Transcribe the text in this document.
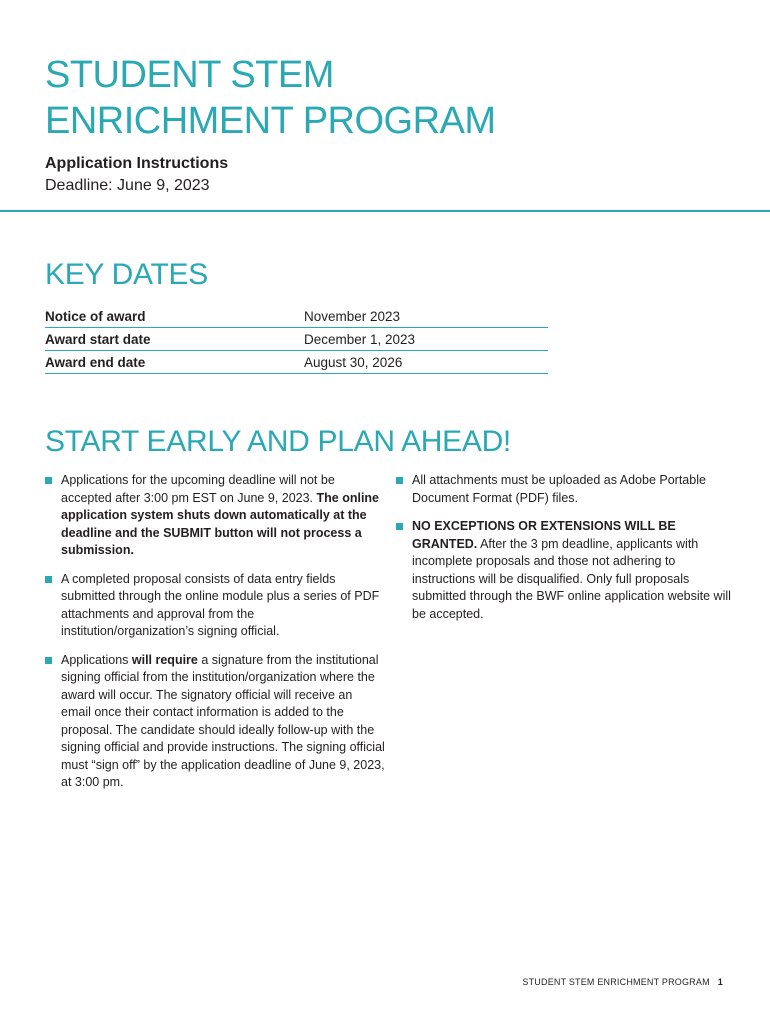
STUDENT STEM
ENRICHMENT PROGRAM
Application Instructions
Deadline: June 9, 2023
KEY DATES
Notice of award	November 2023
Award start date	December 1, 2023
Award end date	August 30, 2026
START EARLY AND PLAN AHEAD!
Applications for the upcoming deadline will not be accepted after 3:00 pm EST on June 9, 2023. The online application system shuts down automatically at the deadline and the SUBMIT button will not process a submission.
A completed proposal consists of data entry fields submitted through the online module plus a series of PDF attachments and approval from the institution/organization’s signing official.
Applications will require a signature from the institutional signing official from the institution/organization where the award will occur. The signatory official will receive an email once their contact information is added to the proposal. The candidate should ideally follow-up with the signing official and provide instructions. The signing official must “sign off” by the application deadline of June 9, 2023, at 3:00 pm.
All attachments must be uploaded as Adobe Portable Document Format (PDF) files.
NO EXCEPTIONS OR EXTENSIONS WILL BE GRANTED. After the 3 pm deadline, applicants with incomplete proposals and those not adhering to instructions will be disqualified. Only full proposals submitted through the BWF online application website will be accepted.
STUDENT STEM ENRICHMENT PROGRAM 1
